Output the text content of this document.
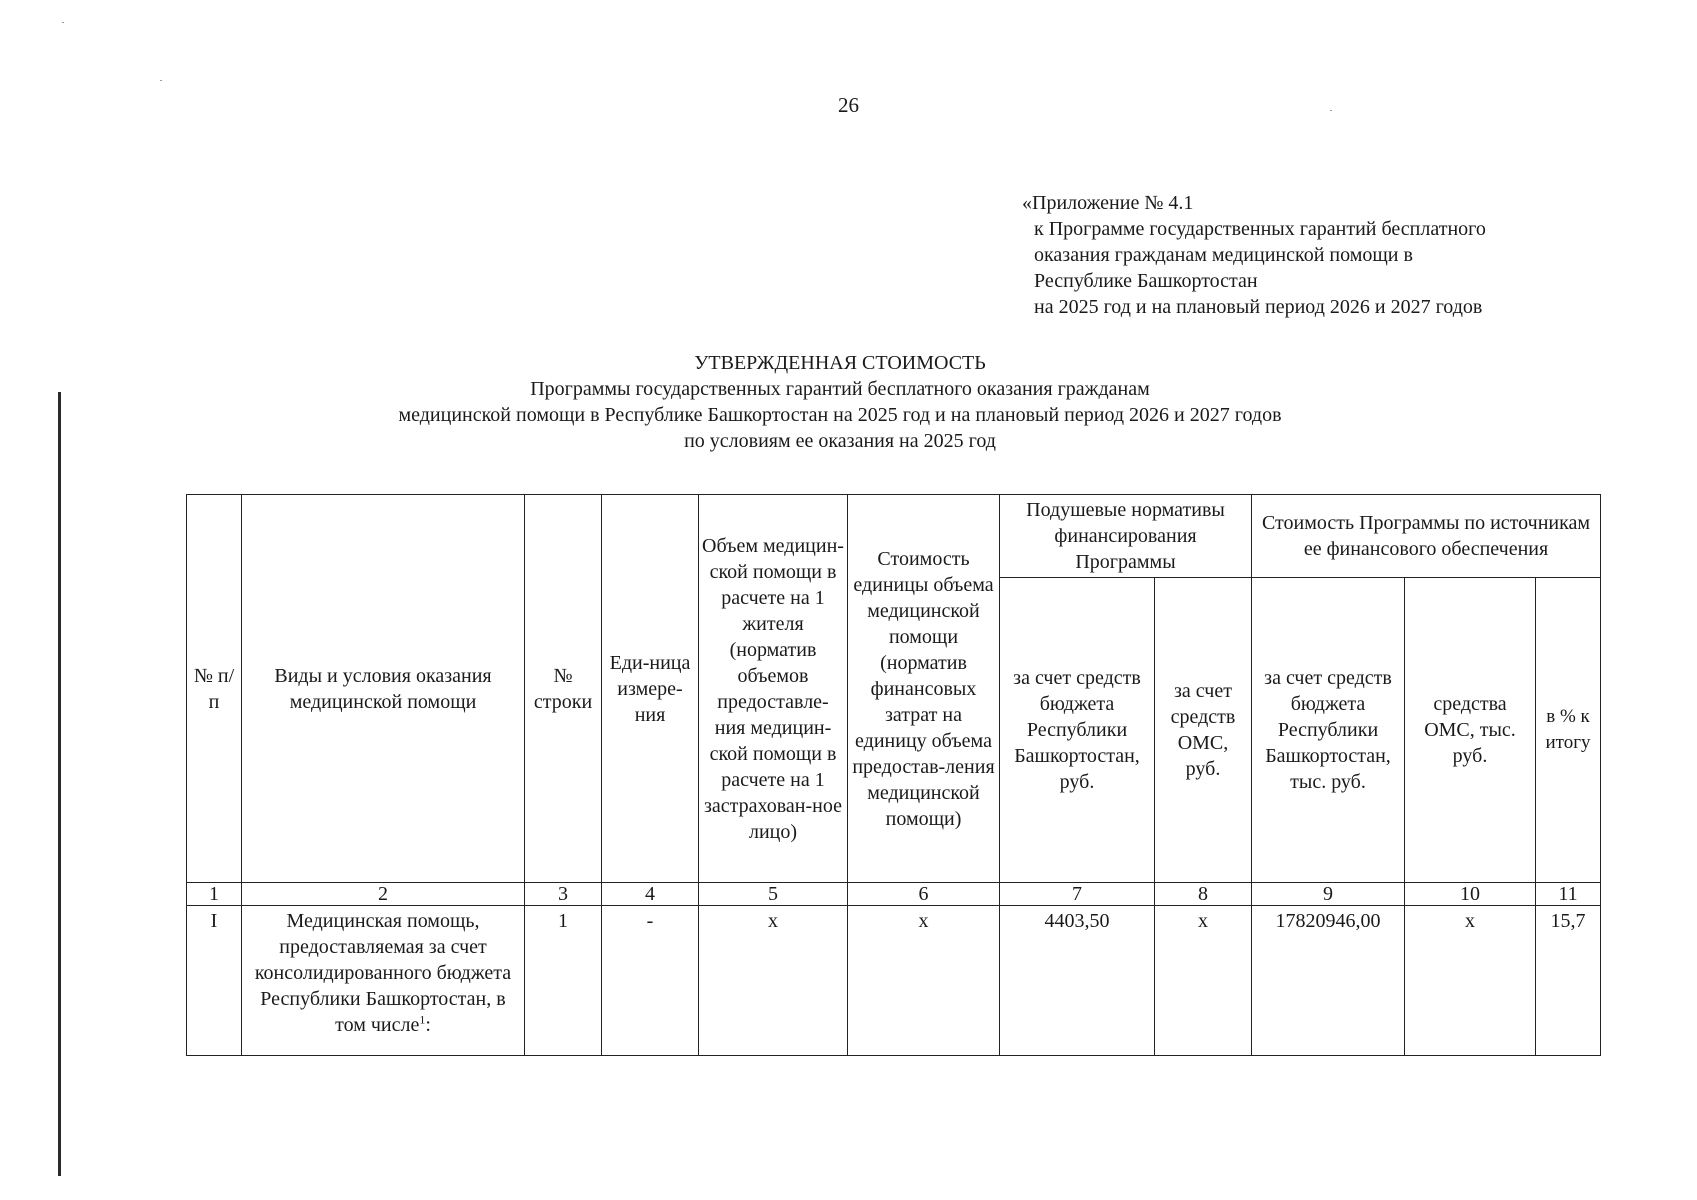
26
«Приложение № 4.1
к Программе государственных гарантий бесплатного
оказания гражданам медицинской помощи в
Республике Башкортостан
на 2025 год и на плановый период 2026 и 2027 годов
УТВЕРЖДЕННАЯ СТОИМОСТЬ
Программы государственных гарантий бесплатного оказания гражданам
медицинской помощи в Республике Башкортостан на 2025 год и на плановый период 2026 и 2027 годов
по условиям ее оказания на 2025 год
№ п/п	Виды и условия оказания медицинской помощи	№ строки	Еди-ница измере-ния	Объем медицин-ской помощи в расчете на 1 жителя (норматив объемов предоставле-ния медицин-ской помощи в расчете на 1 застрахован-ное лицо)	Стоимость единицы объема медицинской помощи (норматив финансовых затрат на единицу объема предостав-ления медицинской помощи)	Подушевые нормативы финансирования Программы		Стоимость Программы по источникам ее финансового обеспечения		
						за счет средств бюджета Республики Башкортостан, руб.	за счет средств ОМС, руб.	за счет средств бюджета Республики Башкортостан, тыс. руб.	средства ОМС, тыс. руб.	в % к итогу
1	2	3	4	5	6	7	8	9	10	11
I	Медицинская помощь, предоставляемая за счет консолидированного бюджета Республики Башкортостан, в том числе$^1$:	1	-	х	х	4403,50	х	17820946,00	х	15,7
